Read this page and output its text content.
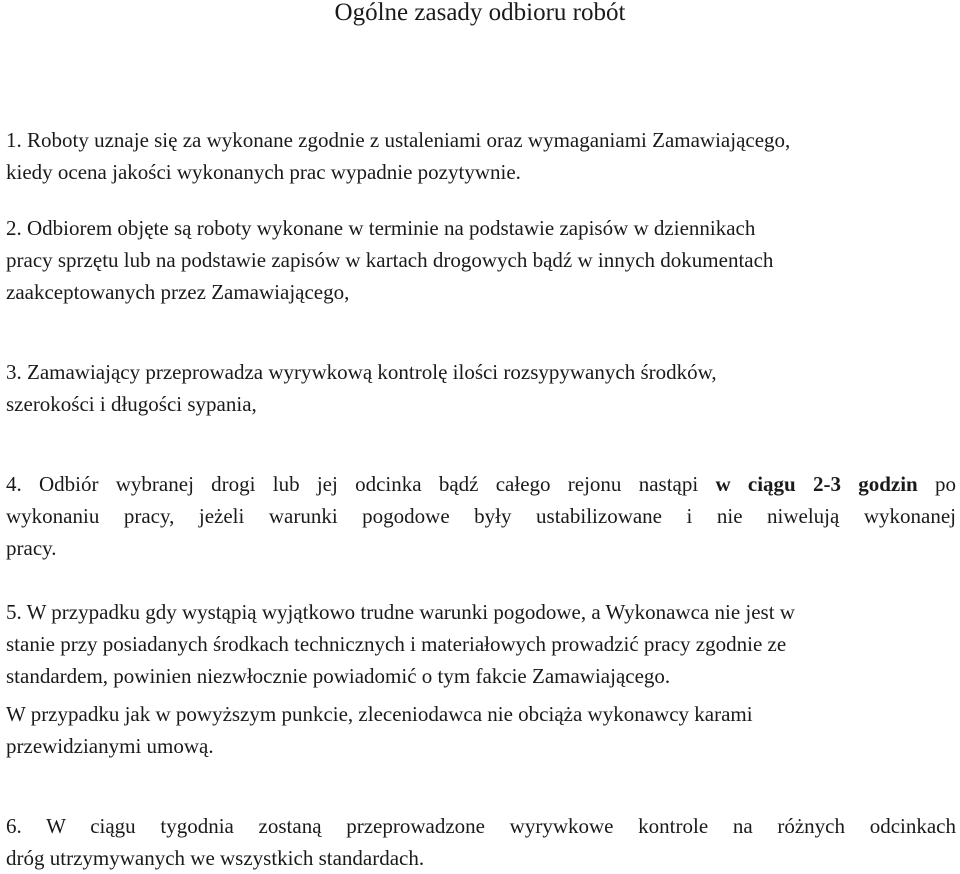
Ogólne zasady odbioru robót
1. Roboty uznaje się za wykonane zgodnie z ustaleniami oraz wymaganiami Zamawiającego,
kiedy ocena jakości wykonanych prac wypadnie pozytywnie.
2. Odbiorem objęte są roboty wykonane w terminie na podstawie zapisów w dziennikach
pracy sprzętu lub na podstawie zapisów w kartach drogowych bądź w innych dokumentach
zaakceptowanych przez Zamawiającego,
3. Zamawiający przeprowadza wyrywkową kontrolę ilości rozsypywanych środków,
szerokości i długości sypania,
4. Odbiór wybranej drogi lub jej odcinka bądź całego rejonu nastąpi w ciągu 2-3 godzin po
wykonaniu pracy, jeżeli warunki pogodowe były ustabilizowane i nie niwelują wykonanej
pracy.
5. W przypadku gdy wystąpią wyjątkowo trudne warunki pogodowe, a Wykonawca nie jest w
stanie przy posiadanych środkach technicznych i materiałowych prowadzić pracy zgodnie ze
standardem, powinien niezwłocznie powiadomić o tym fakcie Zamawiającego.
W przypadku jak w powyższym punkcie, zleceniodawca nie obciąża wykonawcy karami
przewidzianymi umową.
6. W ciągu tygodnia zostaną przeprowadzone wyrywkowe kontrole na różnych odcinkach
dróg utrzymywanych we wszystkich standardach.
